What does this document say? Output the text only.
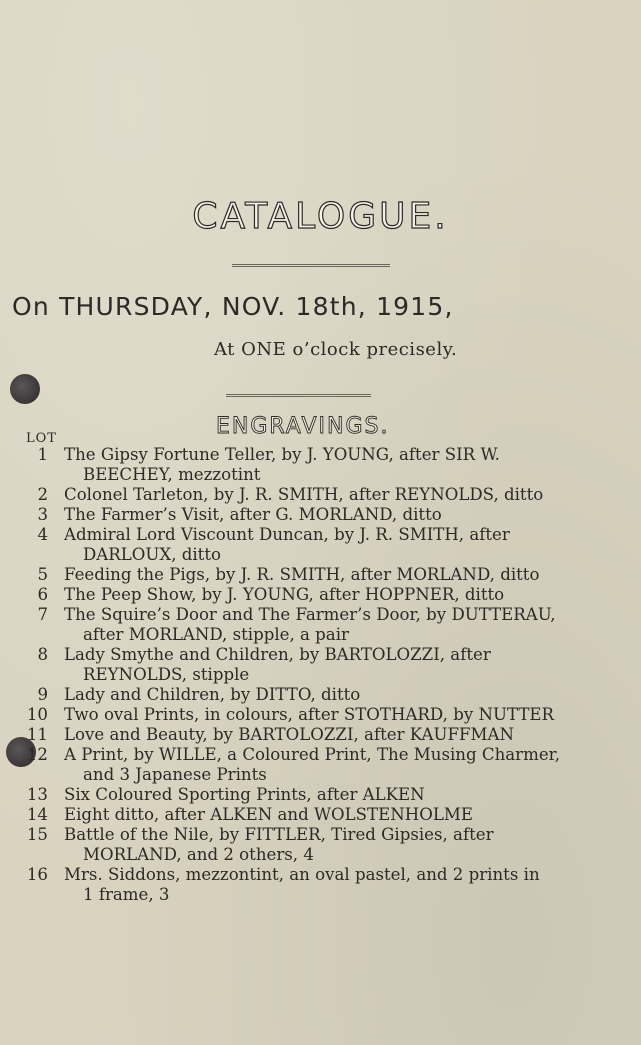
CATALOGUE.
On THURSDAY, NOV. 18th, 1915,
At ONE o’clock precisely.
ENGRAVINGS.
LOT
1 The Gipsy Fortune Teller, by J. YOUNG, after SIR W.
BEECHEY, mezzotint
2 Colonel Tarleton, by J. R. SMITH, after REYNOLDS, ditto
3 The Farmer’s Visit, after G. MORLAND, ditto
4 Admiral Lord Viscount Duncan, by J. R. SMITH, after
DARLOUX, ditto
5 Feeding the Pigs, by J. R. SMITH, after MORLAND, ditto
6 The Peep Show, by J. YOUNG, after HOPPNER, ditto
7 The Squire’s Door and The Farmer’s Door, by DUTTERAU,
after MORLAND, stipple, a pair
8 Lady Smythe and Children, by BARTOLOZZI, after
REYNOLDS, stipple
9 Lady and Children, by DITTO, ditto
10 Two oval Prints, in colours, after STOTHARD, by NUTTER
11 Love and Beauty, by BARTOLOZZI, after KAUFFMAN
12 A Print, by WILLE, a Coloured Print, The Musing Charmer,
and 3 Japanese Prints
13 Six Coloured Sporting Prints, after ALKEN
14 Eight ditto, after ALKEN and WOLSTENHOLME
15 Battle of the Nile, by FITTLER, Tired Gipsies, after
MORLAND, and 2 others, 4
16 Mrs. Siddons, mezzontint, an oval pastel, and 2 prints in
1 frame, 3
